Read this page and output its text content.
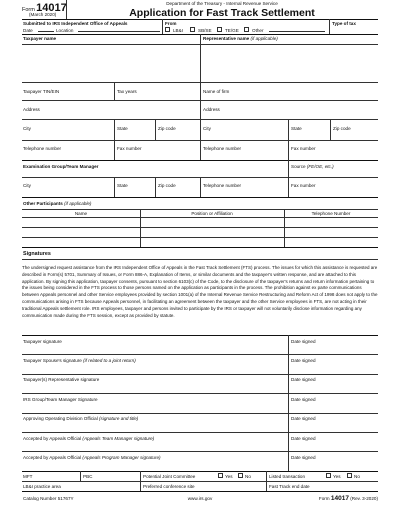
Form 14017
(March 2020)
Department of the Treasury - Internal Revenue Service
Application for Fast Track Settlement
Submitted to IRS Independent Office of Appeals
Date	Location
From
LB&I	SB/SE	TE/GE	Other
Type of tax
Taxpayer name	Representative name (if applicable)
Taxpayer TIN/EIN	Tax years	Name of firm
Address	Address
City	State	Zip code	City	State	Zip code
Telephone number	Fax number	Telephone number	Fax number
Examination Group/Team Manager	Source (FE/OE, etc.)
City	State	Zip code	Telephone number	Fax number
Other Participants (if applicable)
Name	Position or Affiliation	Telephone Number
Signatures
The undersigned request assistance from the IRS Independent Office of Appeals in the Fast Track Settlement (FTS) process. The issues for which this assistance is requested are described in Form(s) 5701, Summary of Issues, or Form 886-A, Explanation of Items, or similar documents and the taxpayer's written response, and are attached to this application. By signing this application, taxpayer consents, pursuant to section 6103(c) of the Code, to the disclosure of the taxpayer's returns and return information pertaining to the issues being considered in the FTS process to those persons named on the application as participants in the process. The prohibition against ex parte communications between Appeals personnel and other Service employees provided by section 1001(a) of the Internal Revenue Service Restructuring and Reform Act of 1998 does not apply to the communications arising in FTS because Appeals personnel, in facilitating an agreement between the taxpayer and the other Service employees in FTS, are not acting in their traditional Appeals settlement role. IRS employees, taxpayer and persons invited to participate by the IRS or taxpayer will not voluntarily disclose information regarding any communication made during the FTS session, except as provided by statute.
Taxpayer signature	Date signed
Taxpayer Spouse's signature (if related to a joint return)	Date signed
Taxpayer(s) Representative signature	Date signed
IRS Group/Team Manager Signature	Date signed
Approving Operating Division Official (signature and title)	Date signed
Accepted by Appeals Official (Appeals Team Manager signature)	Date signed
Accepted by Appeals Official (Appeals Program Manager signature)	Date signed
MFT	PBC	Potential Joint Committee	Yes	No	Listed transaction	Yes	No
LB&I practice area	Preferred conference site	Fast Track end date
Catalog Number 51767Y	www.irs.gov	Form 14017 (Rev. 3-2020)
